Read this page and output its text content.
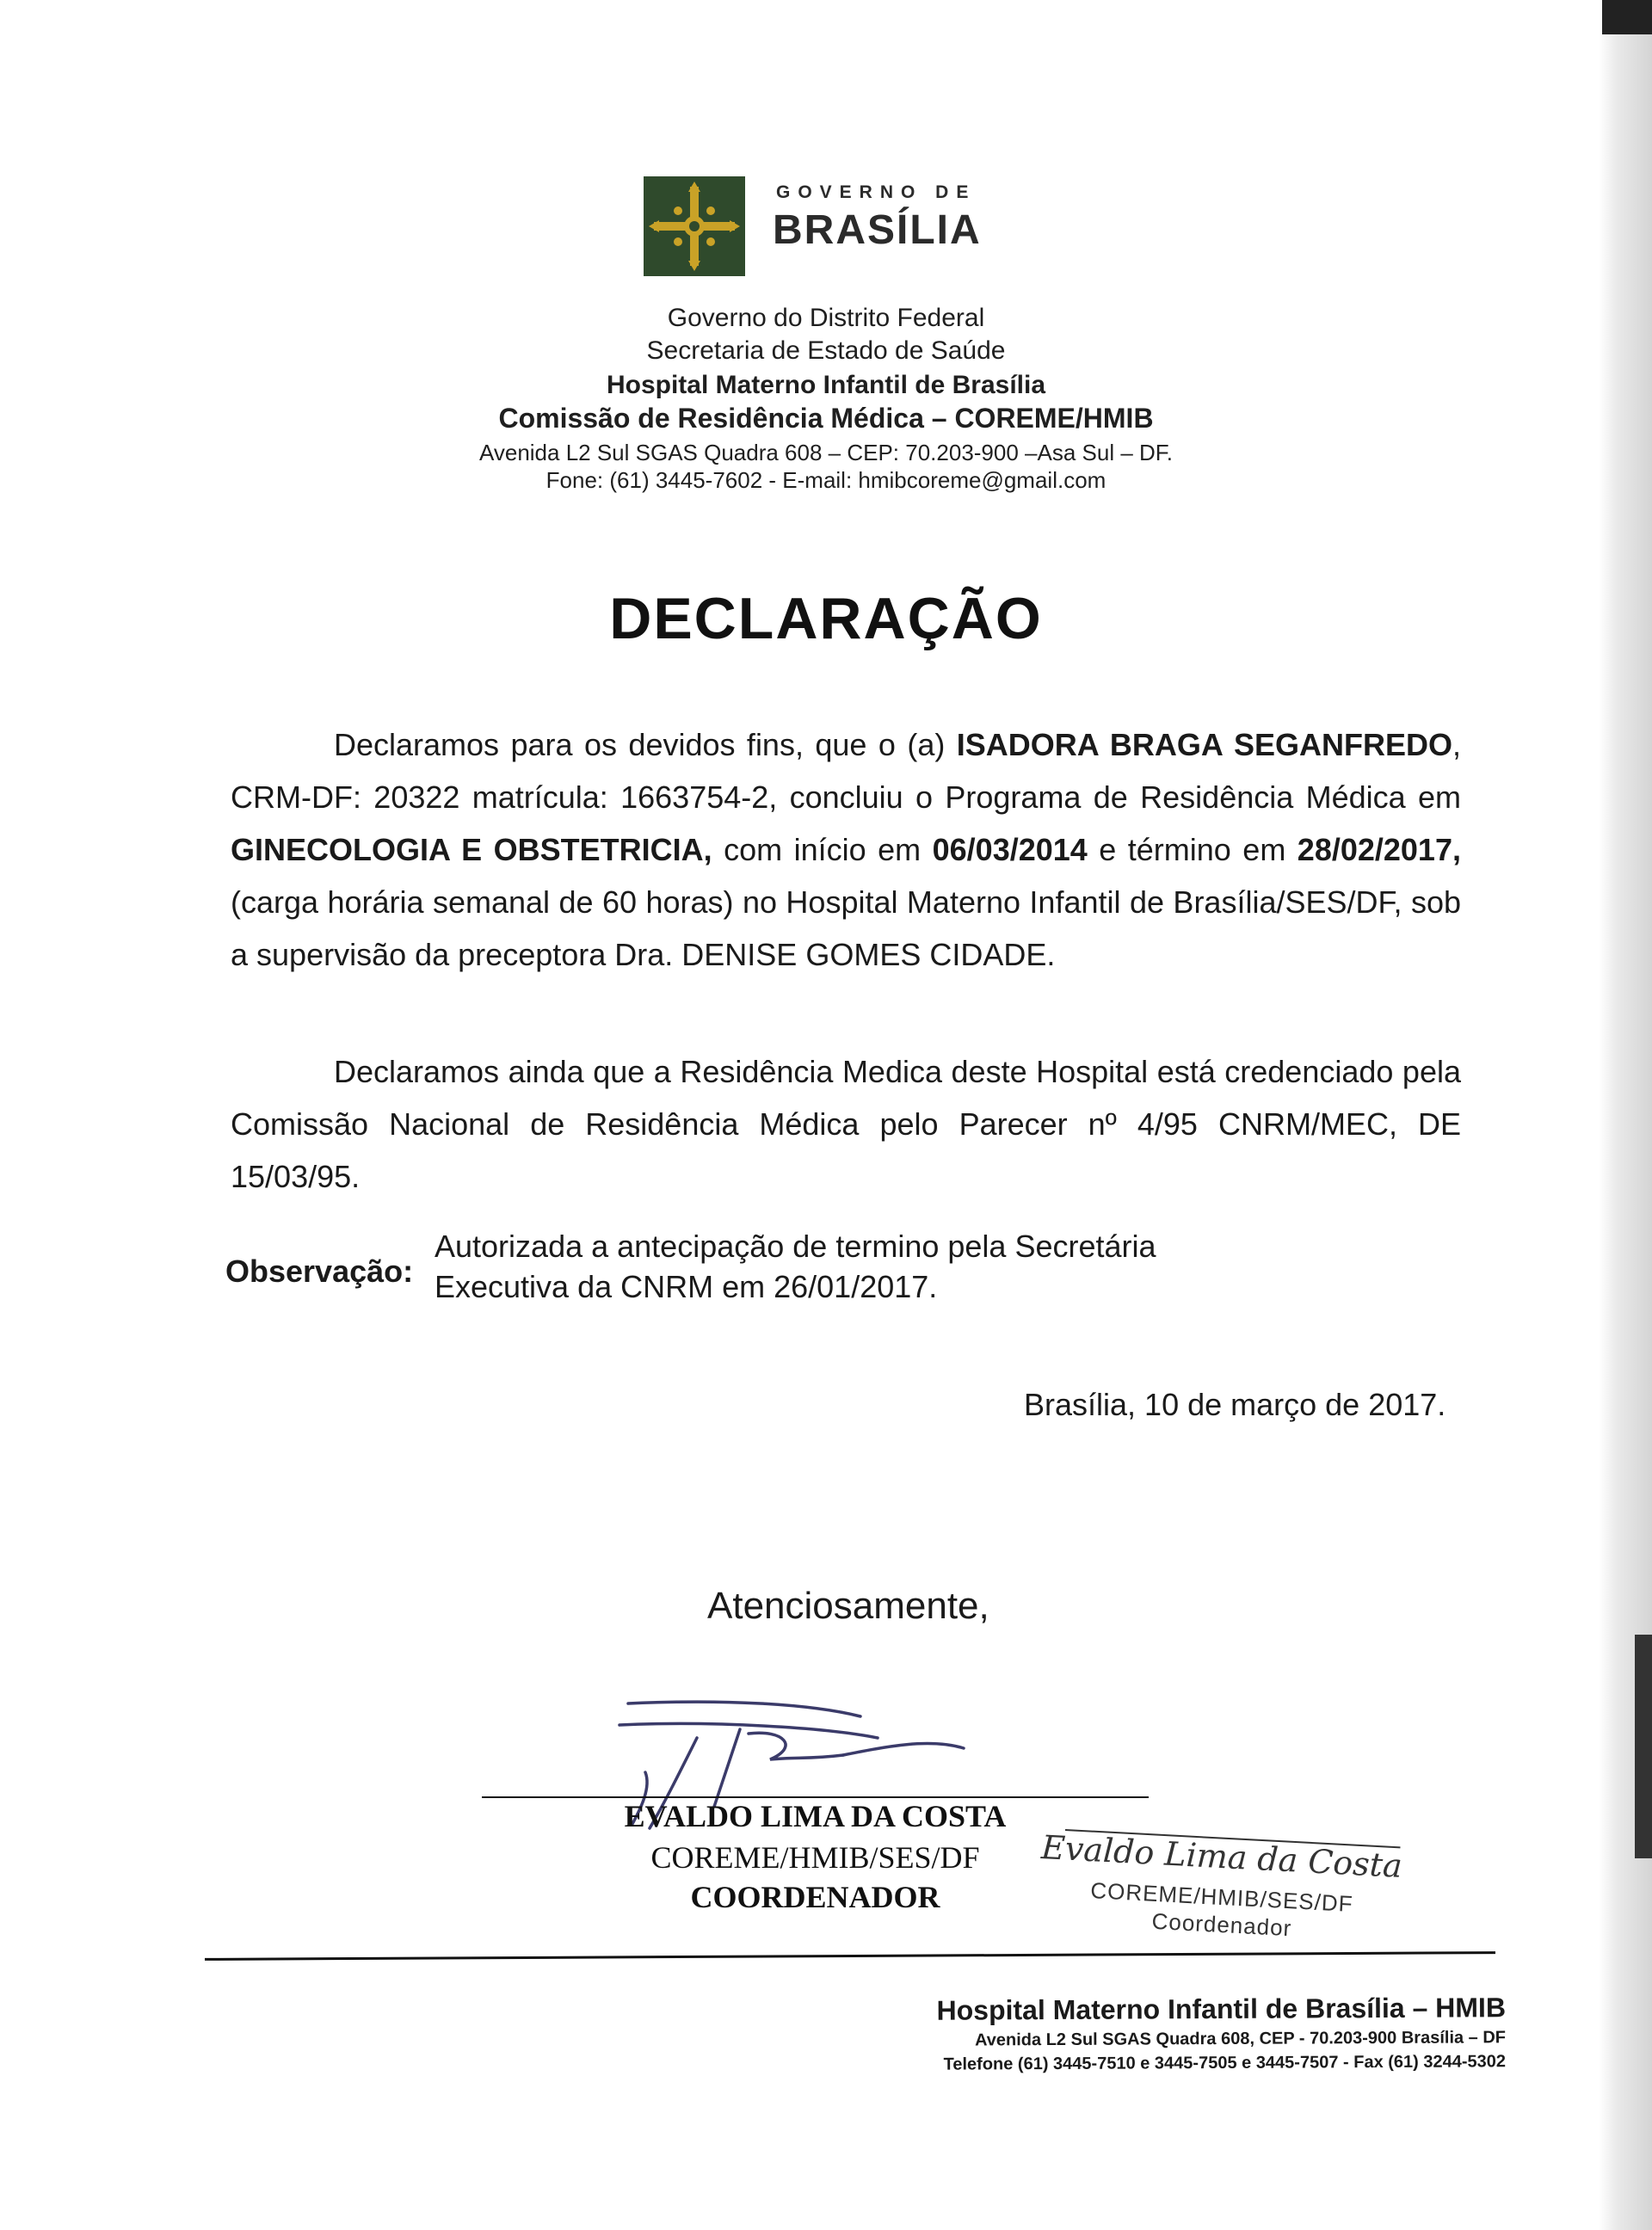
GOVERNO DE
BRASÍLIA
Governo do Distrito Federal
Secretaria de Estado de Saúde
Hospital Materno Infantil de Brasília
Comissão de Residência Médica – COREME/HMIB
Avenida L2 Sul SGAS Quadra 608 – CEP: 70.203-900 –Asa Sul – DF.
Fone: (61) 3445-7602 - E-mail: hmibcoreme@gmail.com
DECLARAÇÃO
Declaramos para os devidos fins, que o (a) ISADORA BRAGA SEGANFREDO, CRM-DF: 20322 matrícula: 1663754-2, concluiu o Programa de Residência Médica em GINECOLOGIA E OBSTETRICIA, com início em 06/03/2014 e término em 28/02/2017, (carga horária semanal de 60 horas) no Hospital Materno Infantil de Brasília/SES/DF, sob a supervisão da preceptora Dra. DENISE GOMES CIDADE.
Declaramos ainda que a Residência Medica deste Hospital está credenciado pela Comissão Nacional de Residência Médica pelo Parecer nº 4/95 CNRM/MEC, DE 15/03/95.
Observação:
Autorizada a antecipação de termino pela Secretária
Executiva da CNRM em 26/01/2017.
Brasília, 10 de março de 2017.
Atenciosamente,
EVALDO LIMA DA COSTA
COREME/HMIB/SES/DF
COORDENADOR
Evaldo Lima da Costa
COREME/HMIB/SES/DF
Coordenador
Hospital Materno Infantil de Brasília – HMIB
Avenida L2 Sul SGAS Quadra 608, CEP - 70.203-900 Brasília – DF
Telefone (61) 3445-7510 e 3445-7505 e 3445-7507 - Fax (61) 3244-5302
